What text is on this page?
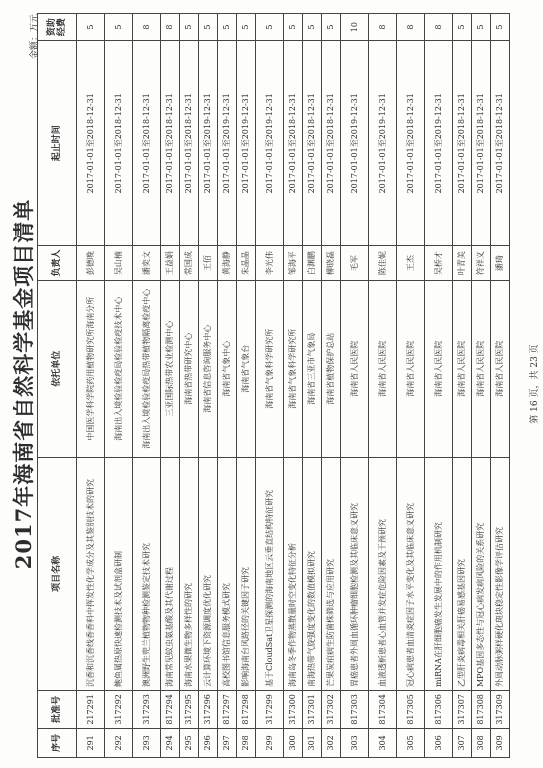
2017年海南省自然科学基金项目清单
金额：万元
序号	批准号	项目名称	依托单位	负责人	起止时间	资助经费
291	217291	沉香和沉香线香香料中挥发性化学成分及其鉴别技术的研究	中国医学科学院药用植物研究所海南分所	彭德晚	2017-01-01至2018-12-31	5
292	317292	鲍鱼属热原快速检测技术及试剂盒研制	海南出入境检验检疫局检验检疫技术中心	吴山楠	2017-01-01至2018-12-31	5
293	317293	澳洲野生兜兰植物物种检测鉴定技术研究	海南出入境检验检疫局热带植物隔离检疫中心	潘奕文	2017-01-01至2018-12-31	8
294	817294	海南常见蚊虫氨基酸及其代谢过程	三亚国际热带农业检测中心	王益娟	2017-01-01至2018-12-31	8
295	317295	海南水果微生物多样性的研究	海南省热带研究中心	常国成	2017-01-01至2018-12-31	5
296	317296	云计算环境下资源调度优化研究	海南省信息咨询服务中心	王佰	2017-01-01至2019-12-31	5
297	817297	高校图书馆信息服务模式研究	海南省气象中心	黄海静	2017-01-01至2019-12-31	5
298	817298	影响海南台风路径的关键因子研究	海南省气象台	朱晶晶	2017-01-01至2019-12-31	5
299	317299	基于CloudSat卫星探测的海南地区云垂直结构特征研究	海南省气象科学研究所	李光伟	2017-01-01至2019-12-31	5
300	317300	海南岛冬季作物蒸散量时空变化特征分析	海南省气象科学研究所	邹海平	2017-01-01至2018-12-31	5
301	317301	南海热带气旋强度变化的数值模拟研究	海南省三亚市气象局	白渊鹏	2017-01-01至2018-12-31	5
302	317302	芒果炭疽病生防菌株筛选与应用研究	海南省植物保护总站	柳晓磊	2017-01-01至2018-12-31	5
303	817303	胃癌患者外周血循环肿瘤细胞检测及其临床意义研究	海南省人民医院	毛军	2017-01-01至2019-12-31	10
304	817304	血液透析患者心血管并发症危险因素及干预研究	海南省人民医院	陈佳妮	2017-01-01至2019-12-31	8
305	817305	冠心病患者血清炎症因子水平变化及其临床意义研究	海南省人民医院	王杰	2017-01-01至2018-12-31	8
306	817306	miRNA在肝细胞癌发生发展中的作用机制研究	海南省人民医院	吴桥才	2017-01-01至2019-12-31	8
307	317307	乙型肝炎病毒相关肝癌易感基因研究	海南省人民医院	叶青美	2017-01-01至2018-12-31	5
308	817308	MPO基因多态性与冠心病发病风险的关系研究	海南省人民医院	符祥义	2017-01-01至2018-12-31	5
309	317309	外周动脉粥样硬化斑块稳定性影像学评估研究	海南省人民医院	潘琦	2017-01-01至2018-12-31	5
第 16 页，共 23 页
